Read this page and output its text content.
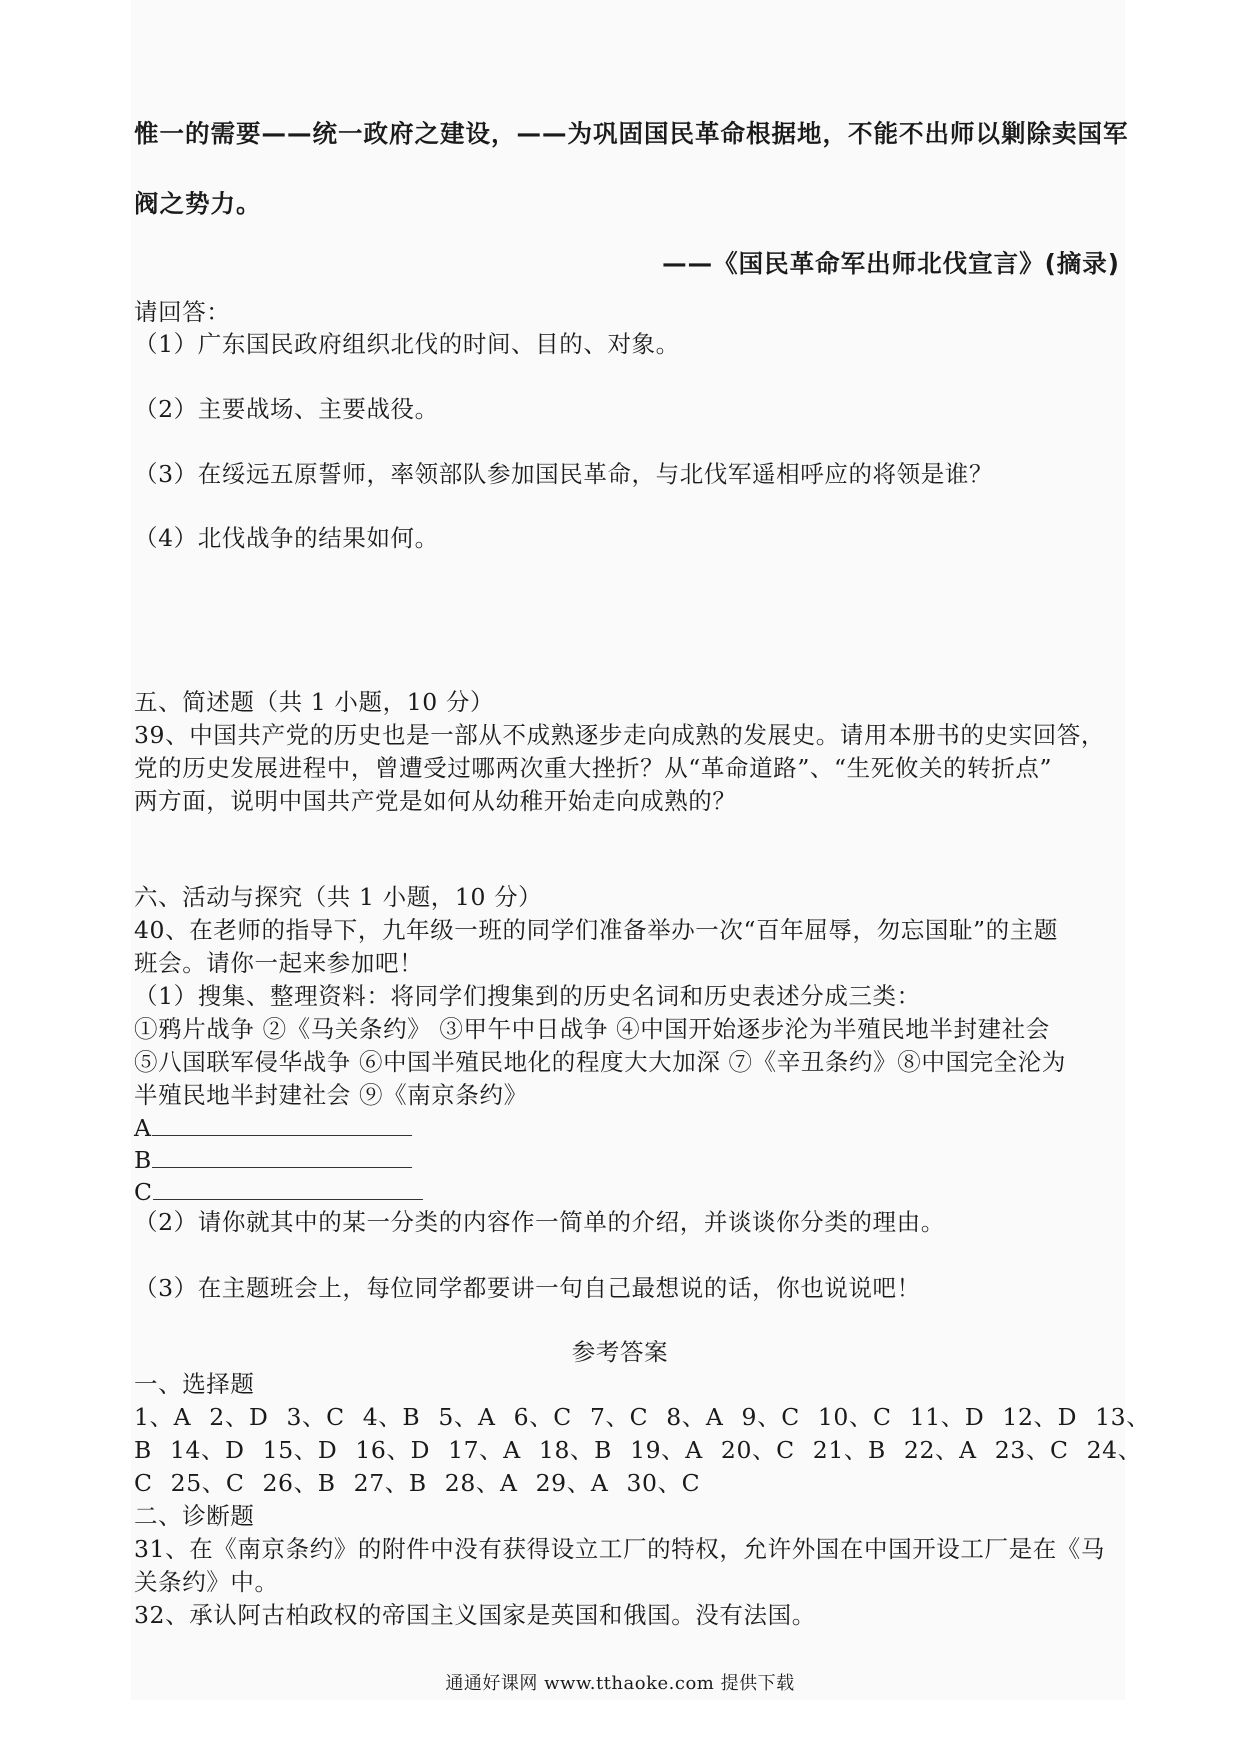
惟一的需要——统一政府之建设，——为巩固国民革命根据地，不能不出师以剿除卖国军
阀之势力。
——《国民革命军出师北伐宣言》(摘录)
请回答：
（1）广东国民政府组织北伐的时间、目的、对象。
（2）主要战场、主要战役。
（3）在绥远五原誓师，率领部队参加国民革命，与北伐军遥相呼应的将领是谁？
（4）北伐战争的结果如何。
五、简述题（共 1 小题，10 分）
39、中国共产党的历史也是一部从不成熟逐步走向成熟的发展史。请用本册书的史实回答，
党的历史发展进程中，曾遭受过哪两次重大挫折？从“革命道路”、“生死攸关的转折点”
两方面，说明中国共产党是如何从幼稚开始走向成熟的？
六、活动与探究（共 1 小题，10 分）
40、在老师的指导下，九年级一班的同学们准备举办一次“百年屈辱，勿忘国耻”的主题
班会。请你一起来参加吧！
（1）搜集、整理资料：将同学们搜集到的历史名词和历史表述分成三类：
①鸦片战争 ②《马关条约》 ③甲午中日战争 ④中国开始逐步沦为半殖民地半封建社会
⑤八国联军侵华战争 ⑥中国半殖民地化的程度大大加深 ⑦《辛丑条约》⑧中国完全沦为
半殖民地半封建社会 ⑨《南京条约》
A
B
C
（2）请你就其中的某一分类的内容作一简单的介绍，并谈谈你分类的理由。
（3）在主题班会上，每位同学都要讲一句自己最想说的话，你也说说吧！
参考答案
一、选择题
1、A 2、D 3、C 4、B 5、A 6、C 7、C 8、A 9、C 10、C 11、D 12、D 13、
B 14、D 15、D 16、D 17、A 18、B 19、A 20、C 21、B 22、A 23、C 24、
C 25、C 26、B 27、B 28、A 29、A 30、C
二、诊断题
31、在《南京条约》的附件中没有获得设立工厂的特权，允许外国在中国开设工厂是在《马
关条约》中。
32、承认阿古柏政权的帝国主义国家是英国和俄国。没有法国。
通通好课网 www.tthaoke.com 提供下载
